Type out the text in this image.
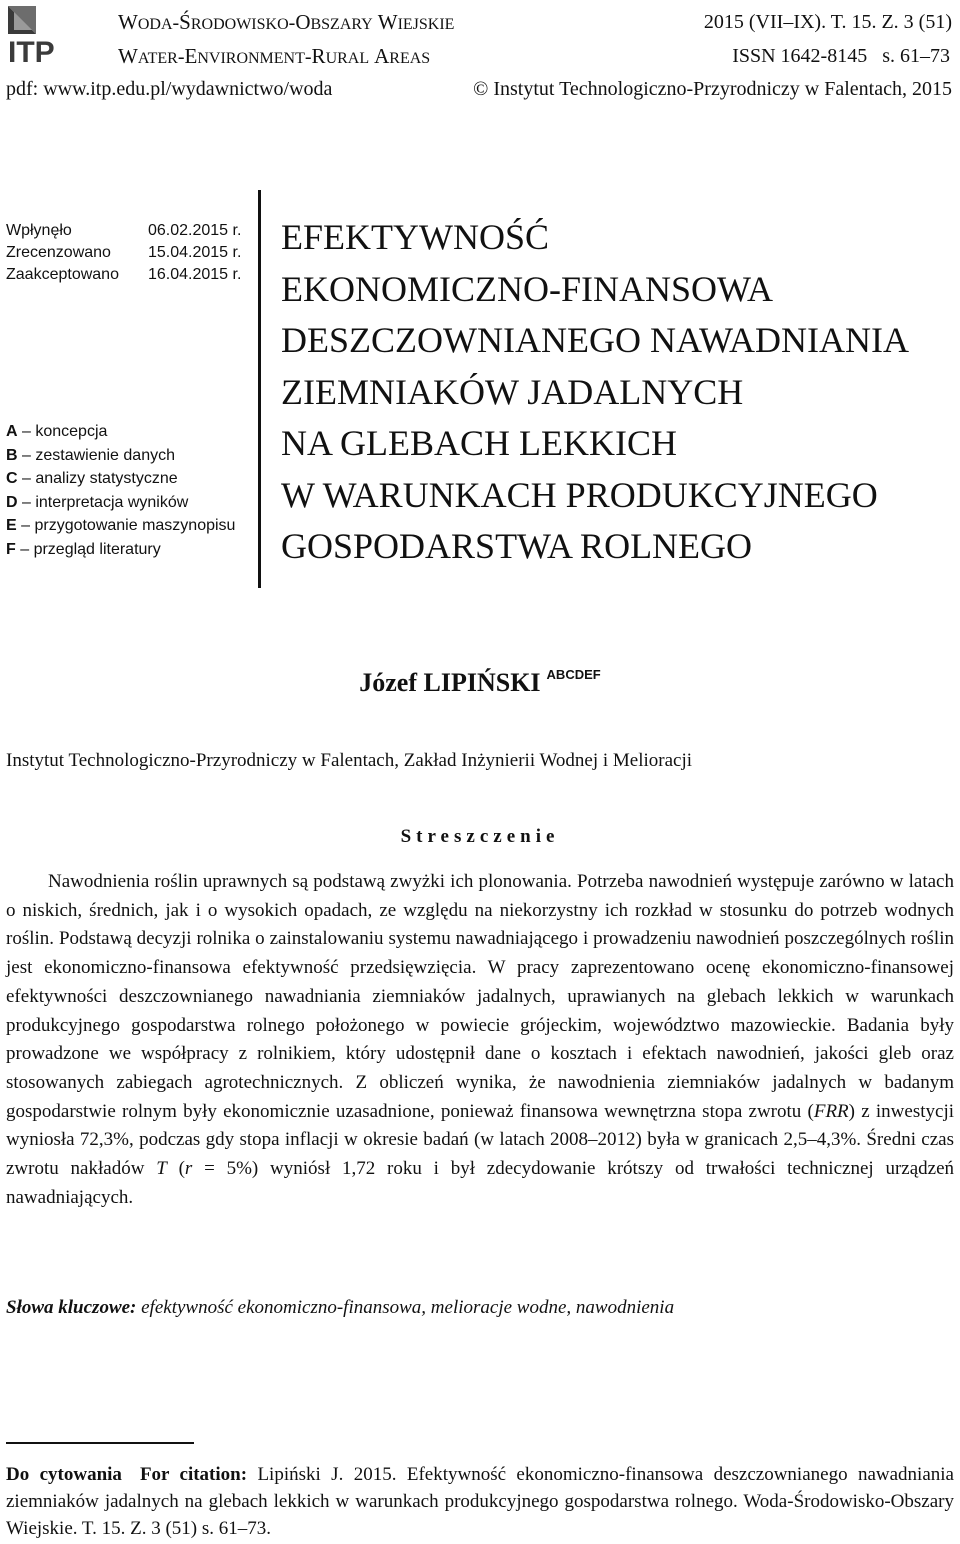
ITP
WODA-ŚRODOWISKO-OBSZARY WIEJSKIE
WATER-ENVIRONMENT-RURAL AREAS
2015 (VII–IX). T. 15. Z. 3 (51)
ISSN 1642-8145 s. 61–73
pdf: www.itp.edu.pl/wydawnictwo/woda	© Instytut Technologiczno-Przyrodniczy w Falentach, 2015
Wpłynęło
Zrecenzowano
Zaakceptowano
06.02.2015 r.
15.04.2015 r.
16.04.2015 r.
A – koncepcja
B – zestawienie danych
C – analizy statystyczne
D – interpretacja wyników
E – przygotowanie maszynopisu
F – przegląd literatury
EFEKTYWNOŚĆ
EKONOMICZNO-FINANSOWA
DESZCZOWNIANEGO NAWADNIANIA
ZIEMNIAKÓW JADALNYCH
NA GLEBACH LEKKICH
W WARUNKACH PRODUKCYJNEGO
GOSPODARSTWA ROLNEGO
Józef LIPIŃSKI $^{ABCDEF}$
Instytut Technologiczno-Przyrodniczy w Falentach, Zakład Inżynierii Wodnej i Melioracji
Streszczenie

Nawodnienia roślin uprawnych są podstawą zwyżki ich plonowania. Potrzeba nawodnień występuje zarówno w latach o niskich, średnich, jak i o wysokich opadach, ze względu na niekorzystny ich rozkład w stosunku do potrzeb wodnych roślin. Podstawą decyzji rolnika o zainstalowaniu systemu nawadniającego i prowadzeniu nawodnień poszczególnych roślin jest ekonomiczno-finansowa efektywność przedsięwzięcia. W pracy zaprezentowano ocenę ekonomiczno-finansowej efektywności deszczownianego nawadniania ziemniaków jadalnych, uprawianych na glebach lekkich w warunkach produkcyjnego gospodarstwa rolnego położonego w powiecie grójeckim, województwo mazowieckie. Badania były prowadzone we współpracy z rolnikiem, który udostępnił dane o kosztach i efektach nawodnień, jakości gleb oraz stosowanych zabiegach agrotechnicznych. Z obliczeń wynika, że nawodnienia ziemniaków jadalnych w badanym gospodarstwie rolnym były ekonomicznie uzasadnione, ponieważ finansowa wewnętrzna stopa zwrotu (FRR) z inwestycji wyniosła 72,3%, podczas gdy stopa inflacji w okresie badań (w latach 2008–2012) była w granicach 2,5–4,3%. Średni czas zwrotu nakładów T (r = 5%) wyniósł 1,72 roku i był zdecydowanie krótszy od trwałości technicznej urządzeń nawadniających.

Słowa kluczowe: efektywność ekonomiczno-finansowa, melioracje wodne, nawodnienia

Do cytowania For citation: Lipiński J. 2015. Efektywność ekonomiczno-finansowa deszczownianego nawadniania ziemniaków jadalnych na glebach lekkich w warunkach produkcyjnego gospodarstwa rolnego. Woda-Środowisko-Obszary Wiejskie. T. 15. Z. 3 (51) s. 61–73.
